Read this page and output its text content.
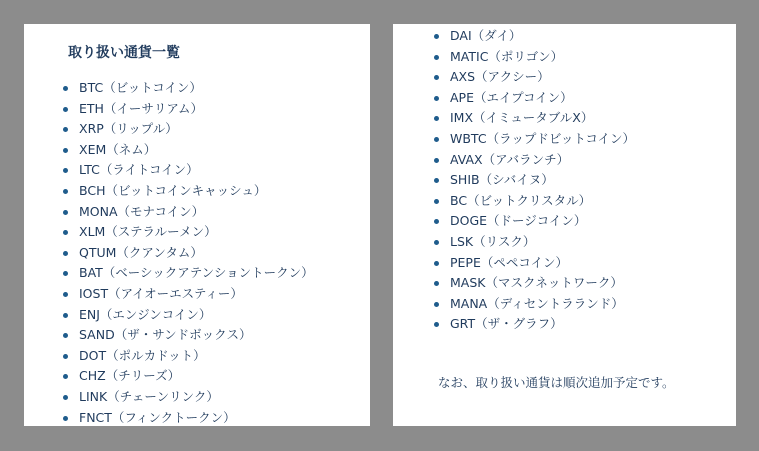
取り扱い通貨一覧
BTC（ビットコイン）
ETH（イーサリアム）
XRP（リップル）
XEM（ネム）
LTC（ライトコイン）
BCH（ビットコインキャッシュ）
MONA（モナコイン）
XLM（ステラルーメン）
QTUM（クアンタム）
BAT（ベーシックアテンショントークン）
IOST（アイオーエスティー）
ENJ（エンジンコイン）
SAND（ザ・サンドボックス）
DOT（ポルカドット）
CHZ（チリーズ）
LINK（チェーンリンク）
FNCT（フィンクトークン）
DAI（ダイ）
MATIC（ポリゴン）
AXS（アクシー）
APE（エイプコイン）
IMX（イミュータブルX）
WBTC（ラップドビットコイン）
AVAX（アバランチ）
SHIB（シバイヌ）
BC（ビットクリスタル）
DOGE（ドージコイン）
LSK（リスク）
PEPE（ペペコイン）
MASK（マスクネットワーク）
MANA（ディセントラランド）
GRT（ザ・グラフ）

なお、取り扱い通貨は順次追加予定です。
